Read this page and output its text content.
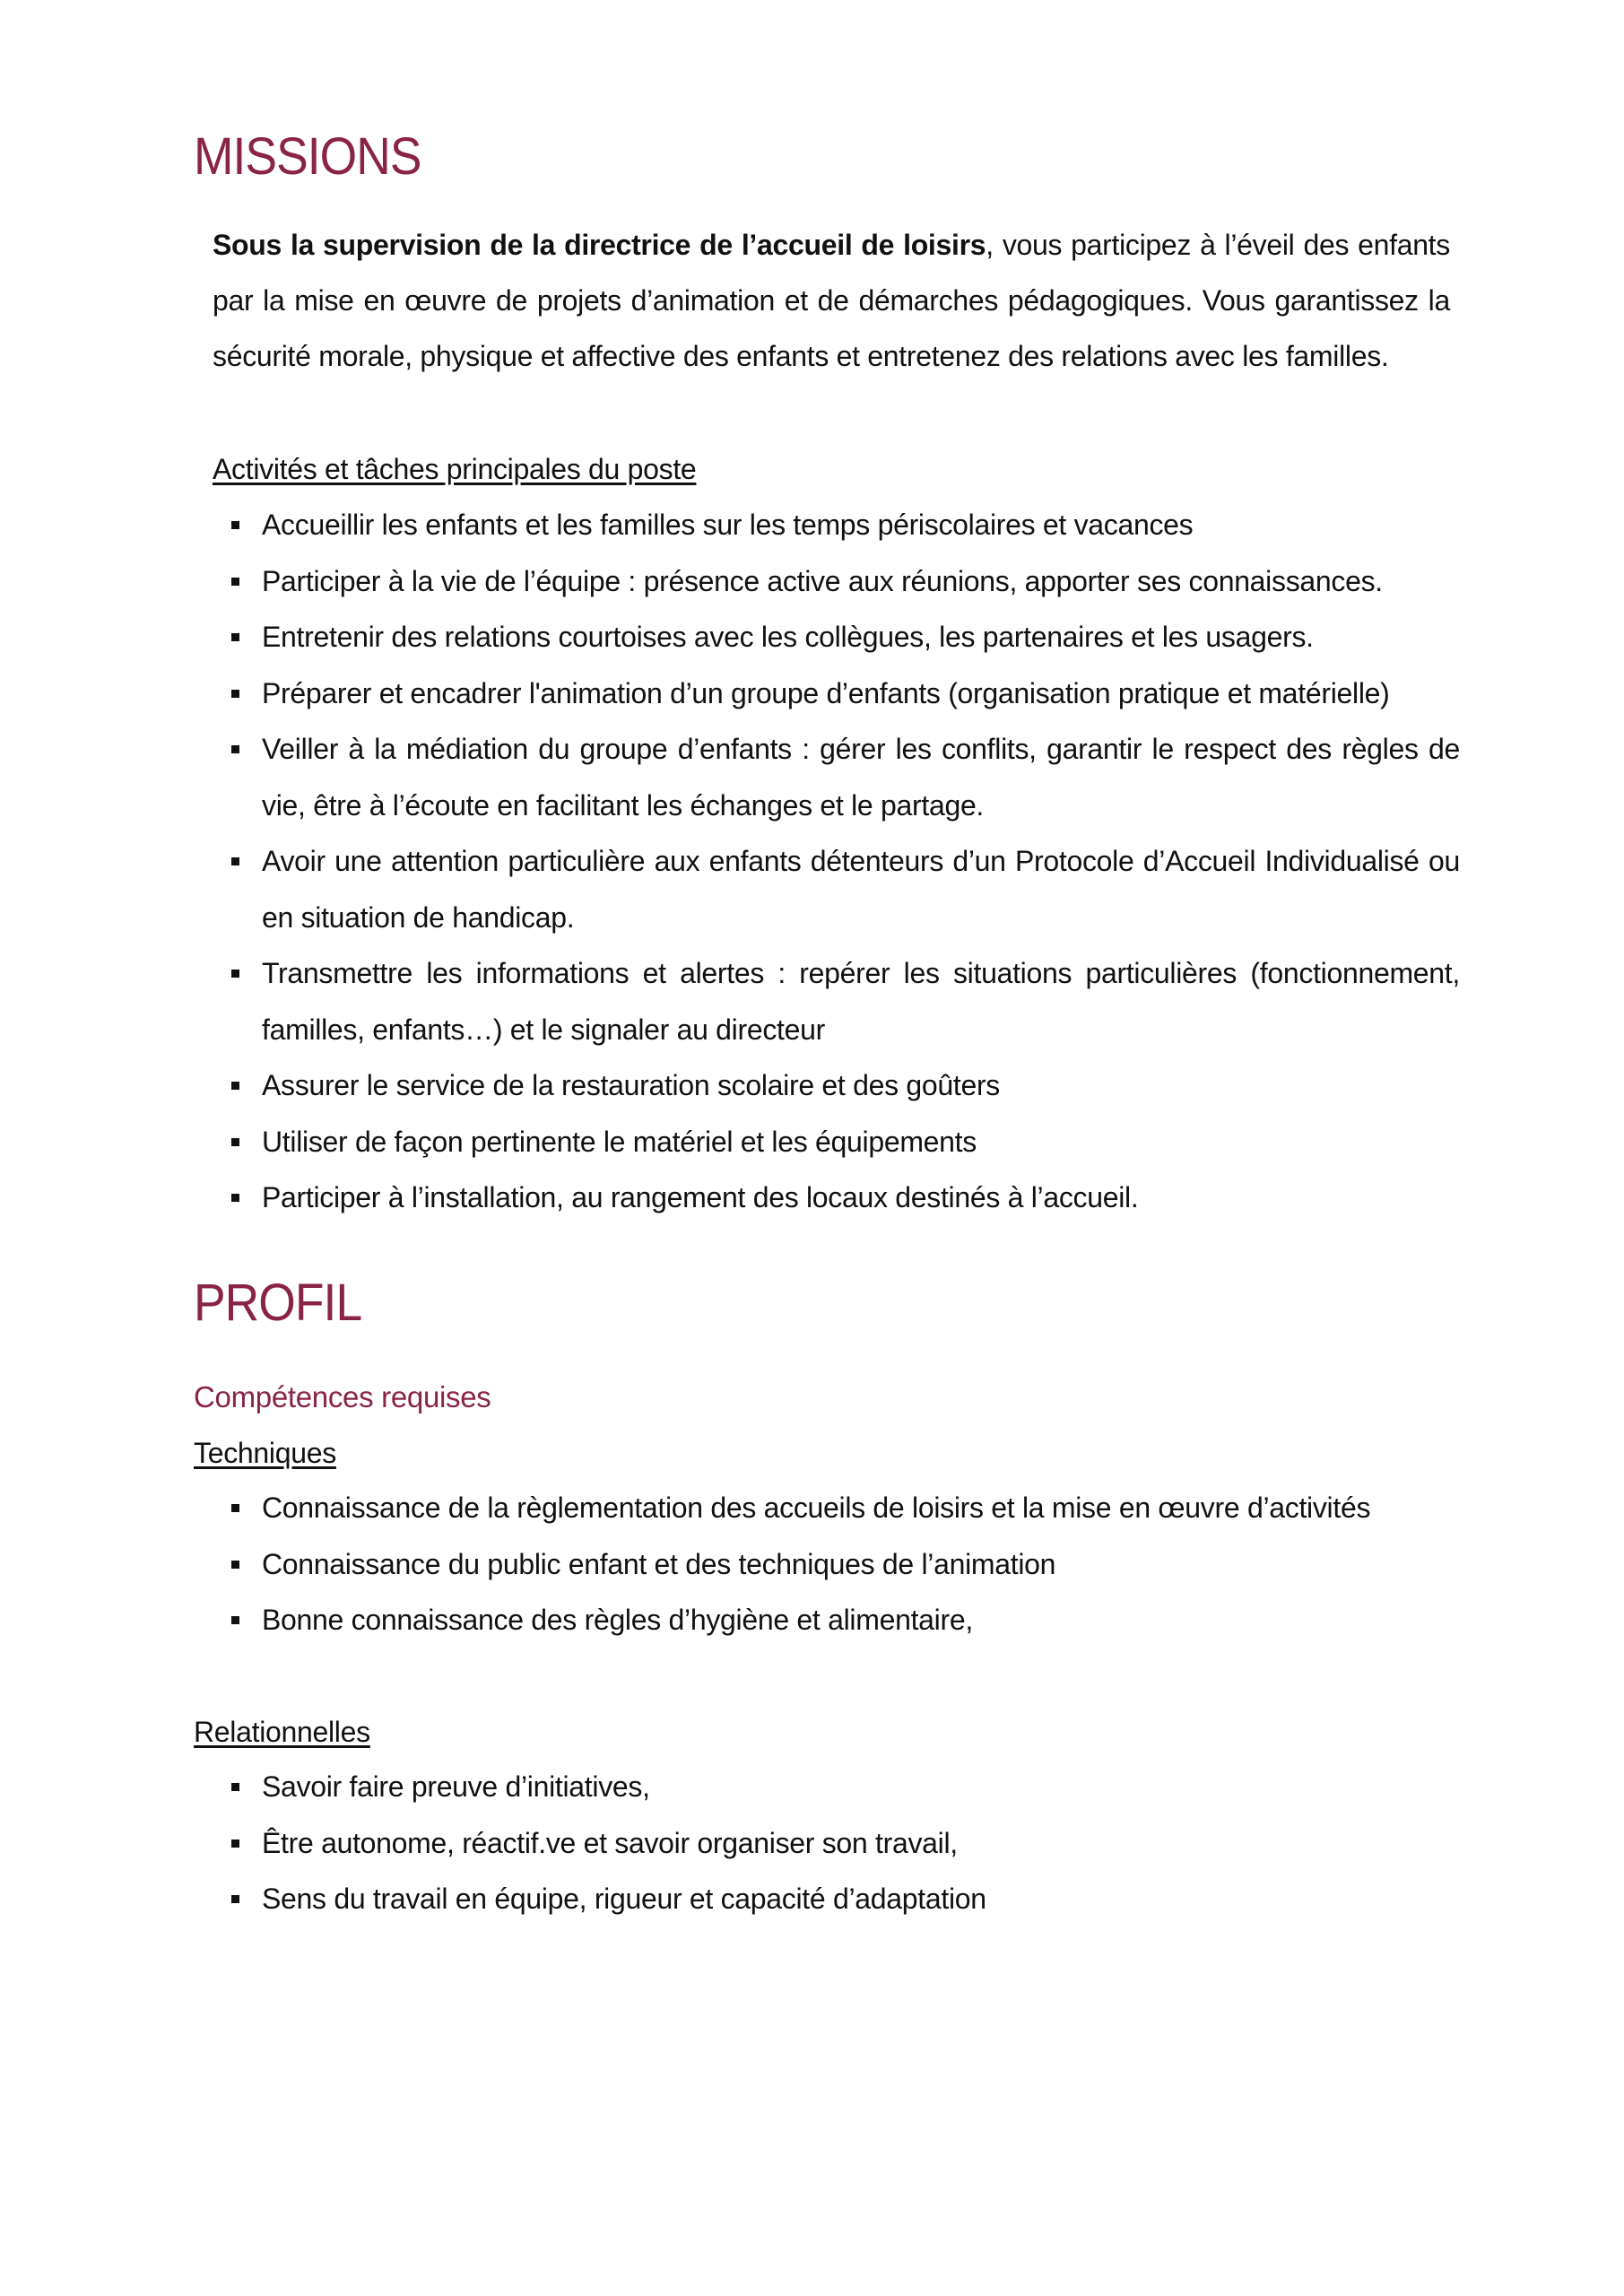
MISSIONS

Sous la supervision de la directrice de l’accueil de loisirs, vous participez à l’éveil des enfants par la mise en œuvre de projets d’animation et de démarches pédagogiques. Vous garantissez la sécurité morale, physique et affective des enfants et entretenez des relations avec les familles.

Activités et tâches principales du poste

Accueillir les enfants et les familles sur les temps périscolaires et vacances
Participer à la vie de l’équipe : présence active aux réunions, apporter ses connaissances.
Entretenir des relations courtoises avec les collègues, les partenaires et les usagers.
Préparer et encadrer l'animation d’un groupe d’enfants (organisation pratique et matérielle)
Veiller à la médiation du groupe d’enfants : gérer les conflits, garantir le respect des règles de vie, être à l’écoute en facilitant les échanges et le partage.
Avoir une attention particulière aux enfants détenteurs d’un Protocole d’Accueil Individualisé ou en situation de handicap.
Transmettre les informations et alertes : repérer les situations particulières (fonctionnement, familles, enfants…) et le signaler au directeur
Assurer le service de la restauration scolaire et des goûters
Utiliser de façon pertinente le matériel et les équipements
Participer à l’installation, au rangement des locaux destinés à l’accueil.
PROFIL

Compétences requises

Techniques

Connaissance de la règlementation des accueils de loisirs et la mise en œuvre d’activités
Connaissance du public enfant et des techniques de l’animation
Bonne connaissance des règles d’hygiène et alimentaire,

Relationnelles

Savoir faire preuve d’initiatives,
Être autonome, réactif.ve et savoir organiser son travail,
Sens du travail en équipe, rigueur et capacité d’adaptation
